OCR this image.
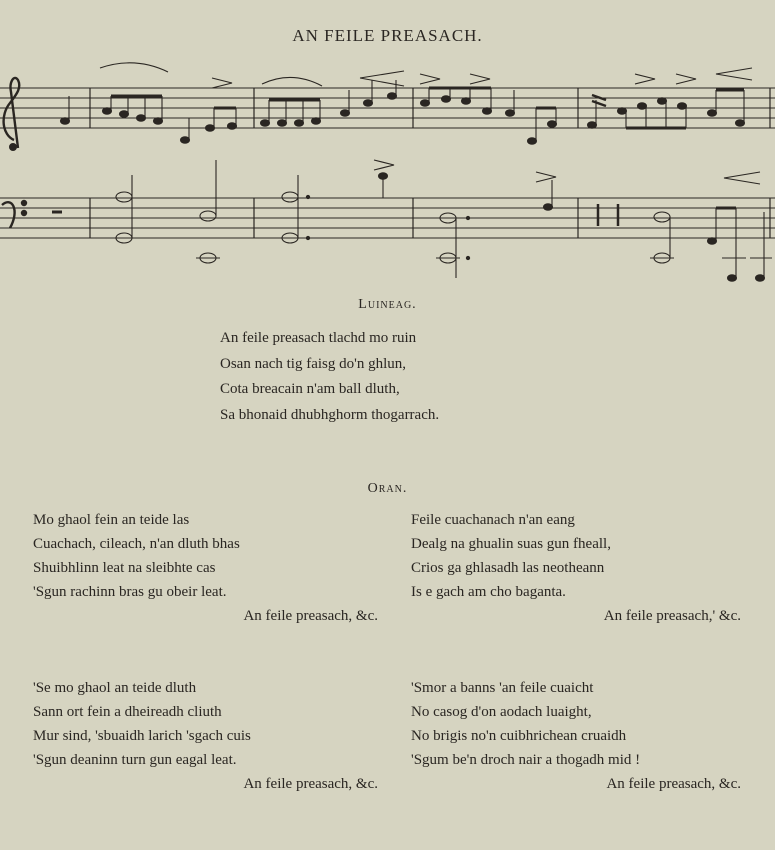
AN FEILE PREASACH.
Luineag.
An feile preasach tlachd mo ruin
Osan nach tig faisg do'n ghlun,
Cota breacain n'am ball dluth,
Sa bhonaid dhubhghorm thogarrach.
Oran.
Mo ghaol fein an teide las
Cuachach, cileach, n'an dluth bhas
Shuibhlinn leat na sleibhte cas
'Sgun rachinn bras gu obeir leat.
An feile preasach, &c.
Feile cuachanach n'an eang
Dealg na ghualin suas gun fheall,
Crios ga ghlasadh las neotheann
Is e gach am cho baganta.
An feile preasach,' &c.
'Se mo ghaol an teide dluth
Sann ort fein a dheireadh cliuth
Mur sind, 'sbuaidh larich 'sgach cuis
'Sgun deaninn turn gun eagal leat.
An feile preasach, &c.
'Smor a banns 'an feile cuaicht
No casog d'on aodach luaight,
No brigis no'n cuibhrichean cruaidh
'Sgum be'n droch nair a thogadh mid !
An feile preasach, &c.
